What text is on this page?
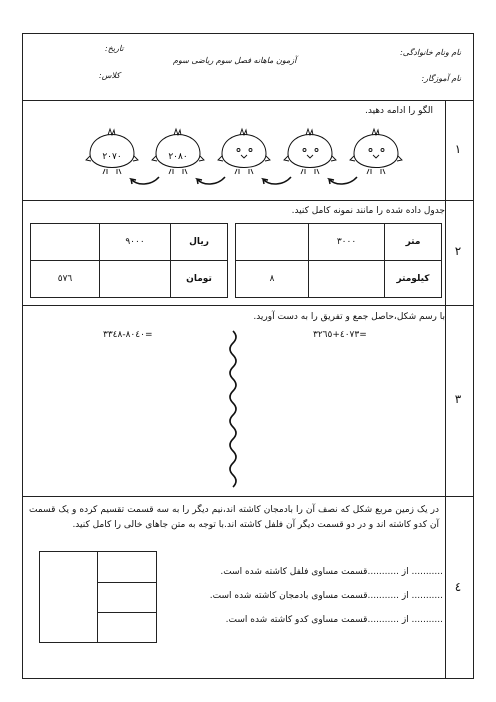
نام ونام خانوادگی:
نام آموزگار:
آزمون ماهانه فصل سوم ریاضی سوم
تاریخ:
کلاس:
١
الگو را ادامه دهید.
٢٠٨٠
٢٠٧٠
٢
جدول داده شده را مانند نمونه کامل کنید.
متر	٣٠٠٠	
کیلومتر		٨
ریال	٩٠٠٠	
تومان		٥٧٦
٣
با رسم شکل،حاصل جمع و تفریق را به دست آورید.
٤٠٧٣+٣٢٦٥=
٨٠٤٠-٣٣٤٨=
٤
در یک زمین مربع شکل که نصف آن را بادمجان کاشته اند،نیم دیگر را به سه قسمت تقسیم کرده و یک قسمت آن کدو کاشته اند و در دو قسمت دیگر آن فلفل کاشته اند.با توجه به متن جاهای خالی را کامل کنید.
........... از ...........قسمت مساوی فلفل کاشته شده است.
........... از ...........قسمت مساوی بادمجان کاشته شده است.
........... از ...........قسمت مساوی کدو کاشته شده است.
